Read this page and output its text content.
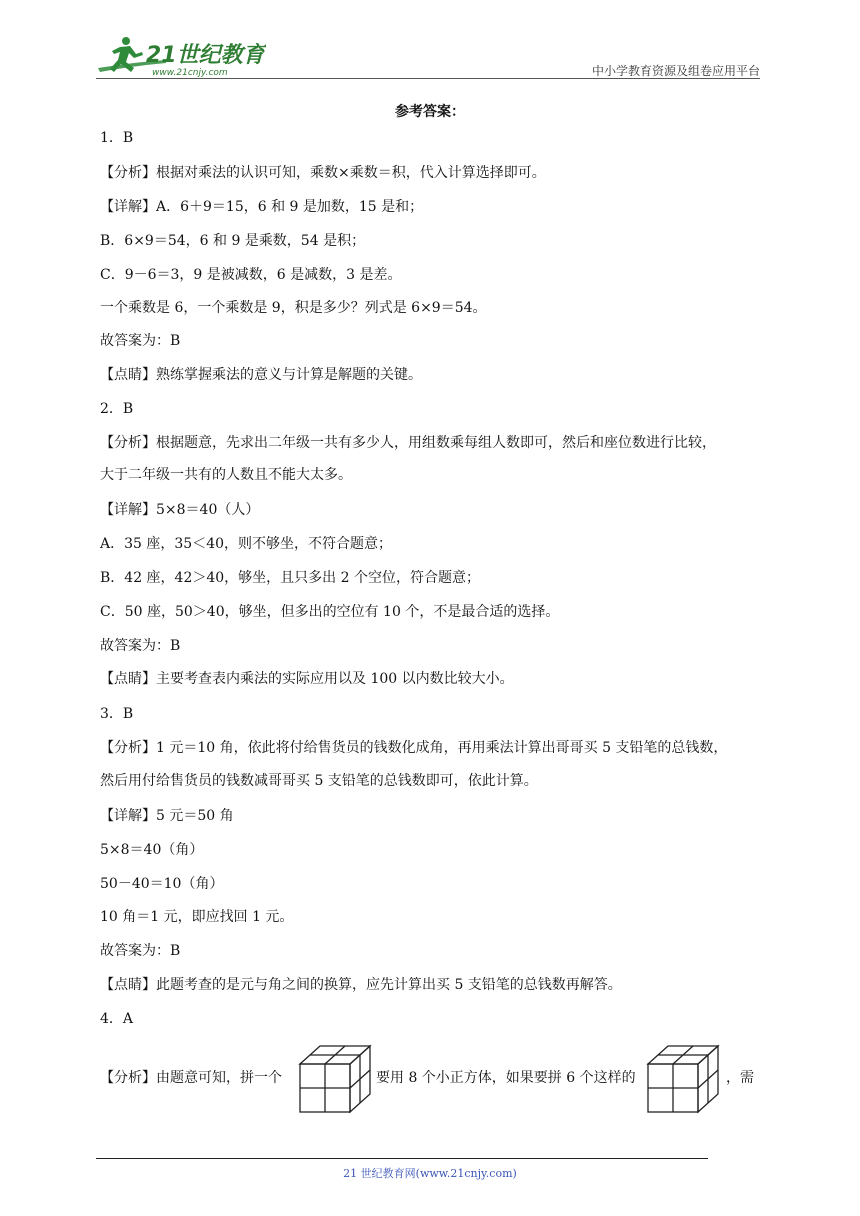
21世纪教育
www.21cnjy.com	中小学教育资源及组卷应用平台
参考答案：
1．B
【分析】根据对乘法的认识可知，乘数×乘数＝积，代入计算选择即可。
【详解】A．6＋9＝15，6 和 9 是加数，15 是和；
B．6×9＝54，6 和 9 是乘数，54 是积；
C．9－6＝3，9 是被减数，6 是减数，3 是差。
一个乘数是 6，一个乘数是 9，积是多少？列式是 6×9＝54。
故答案为：B
【点睛】熟练掌握乘法的意义与计算是解题的关键。
2．B
【分析】根据题意，先求出二年级一共有多少人，用组数乘每组人数即可，然后和座位数进行比较，
大于二年级一共有的人数且不能大太多。
【详解】5×8＝40（人）
A．35 座，35＜40，则不够坐，不符合题意；
B．42 座，42＞40，够坐，且只多出 2 个空位，符合题意；
C．50 座，50＞40，够坐，但多出的空位有 10 个，不是最合适的选择。
故答案为：B
【点睛】主要考查表内乘法的实际应用以及 100 以内数比较大小。
3．B
【分析】1 元＝10 角，依此将付给售货员的钱数化成角，再用乘法计算出哥哥买 5 支铅笔的总钱数，
然后用付给售货员的钱数减哥哥买 5 支铅笔的总钱数即可，依此计算。
【详解】5 元＝50 角
5×8＝40（角）
50－40＝10（角）
10 角＝1 元，即应找回 1 元。
故答案为：B
【点睛】此题考查的是元与角之间的换算，应先计算出买 5 支铅笔的总钱数再解答。
4．A
【分析】由题意可知，拼一个	要用 8 个小正方体，如果要拼 6 个这样的	，需
21 世纪教育网(www.21cnjy.com)
